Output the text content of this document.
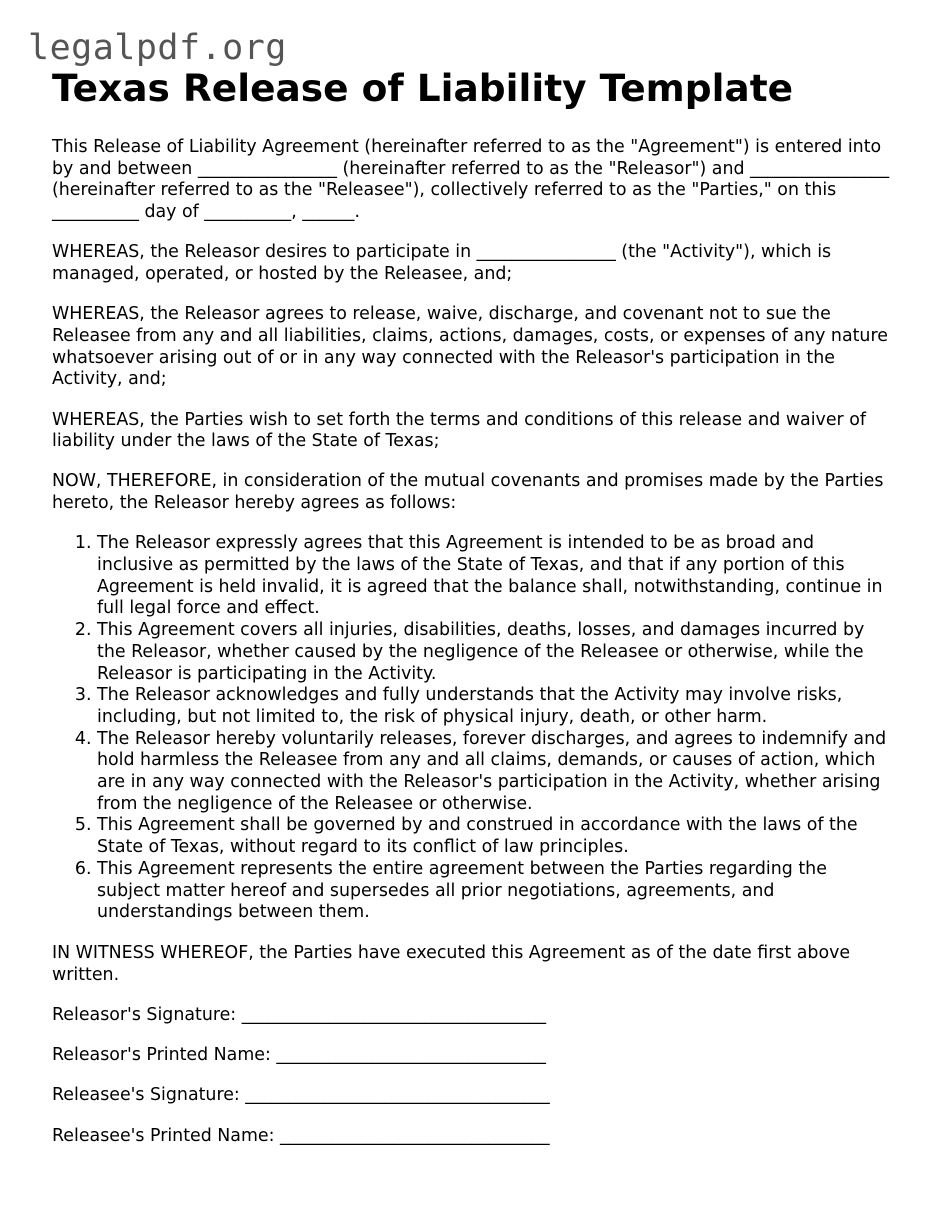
legalpdf.org
Texas Release of Liability Template

This Release of Liability Agreement (hereinafter referred to as the "Agreement") is entered into by and between ________________ (hereinafter referred to as the "Releasor") and ________________ (hereinafter referred to as the "Releasee"), collectively referred to as the "Parties," on this __________ day of __________, ______.

WHEREAS, the Releasor desires to participate in ________________ (the "Activity"), which is managed, operated, or hosted by the Releasee, and;

WHEREAS, the Releasor agrees to release, waive, discharge, and covenant not to sue the Releasee from any and all liabilities, claims, actions, damages, costs, or expenses of any nature whatsoever arising out of or in any way connected with the Releasor's participation in the Activity, and;

WHEREAS, the Parties wish to set forth the terms and conditions of this release and waiver of liability under the laws of the State of Texas;

NOW, THEREFORE, in consideration of the mutual covenants and promises made by the Parties hereto, the Releasor hereby agrees as follows:

1. The Releasor expressly agrees that this Agreement is intended to be as broad and inclusive as permitted by the laws of the State of Texas, and that if any portion of this Agreement is held invalid, it is agreed that the balance shall, notwithstanding, continue in full legal force and effect.
2. This Agreement covers all injuries, disabilities, deaths, losses, and damages incurred by the Releasor, whether caused by the negligence of the Releasee or otherwise, while the Releasor is participating in the Activity.
3. The Releasor acknowledges and fully understands that the Activity may involve risks, including, but not limited to, the risk of physical injury, death, or other harm.
4. The Releasor hereby voluntarily releases, forever discharges, and agrees to indemnify and hold harmless the Releasee from any and all claims, demands, or causes of action, which are in any way connected with the Releasor's participation in the Activity, whether arising from the negligence of the Releasee or otherwise.
5. This Agreement shall be governed by and construed in accordance with the laws of the State of Texas, without regard to its conflict of law principles.
6. This Agreement represents the entire agreement between the Parties regarding the subject matter hereof and supersedes all prior negotiations, agreements, and understandings between them.

IN WITNESS WHEREOF, the Parties have executed this Agreement as of the date first above written.

Releasor's Signature: ___________________________________
Releasor's Printed Name: _______________________________
Releasee's Signature: ___________________________________
Releasee's Printed Name: _______________________________
